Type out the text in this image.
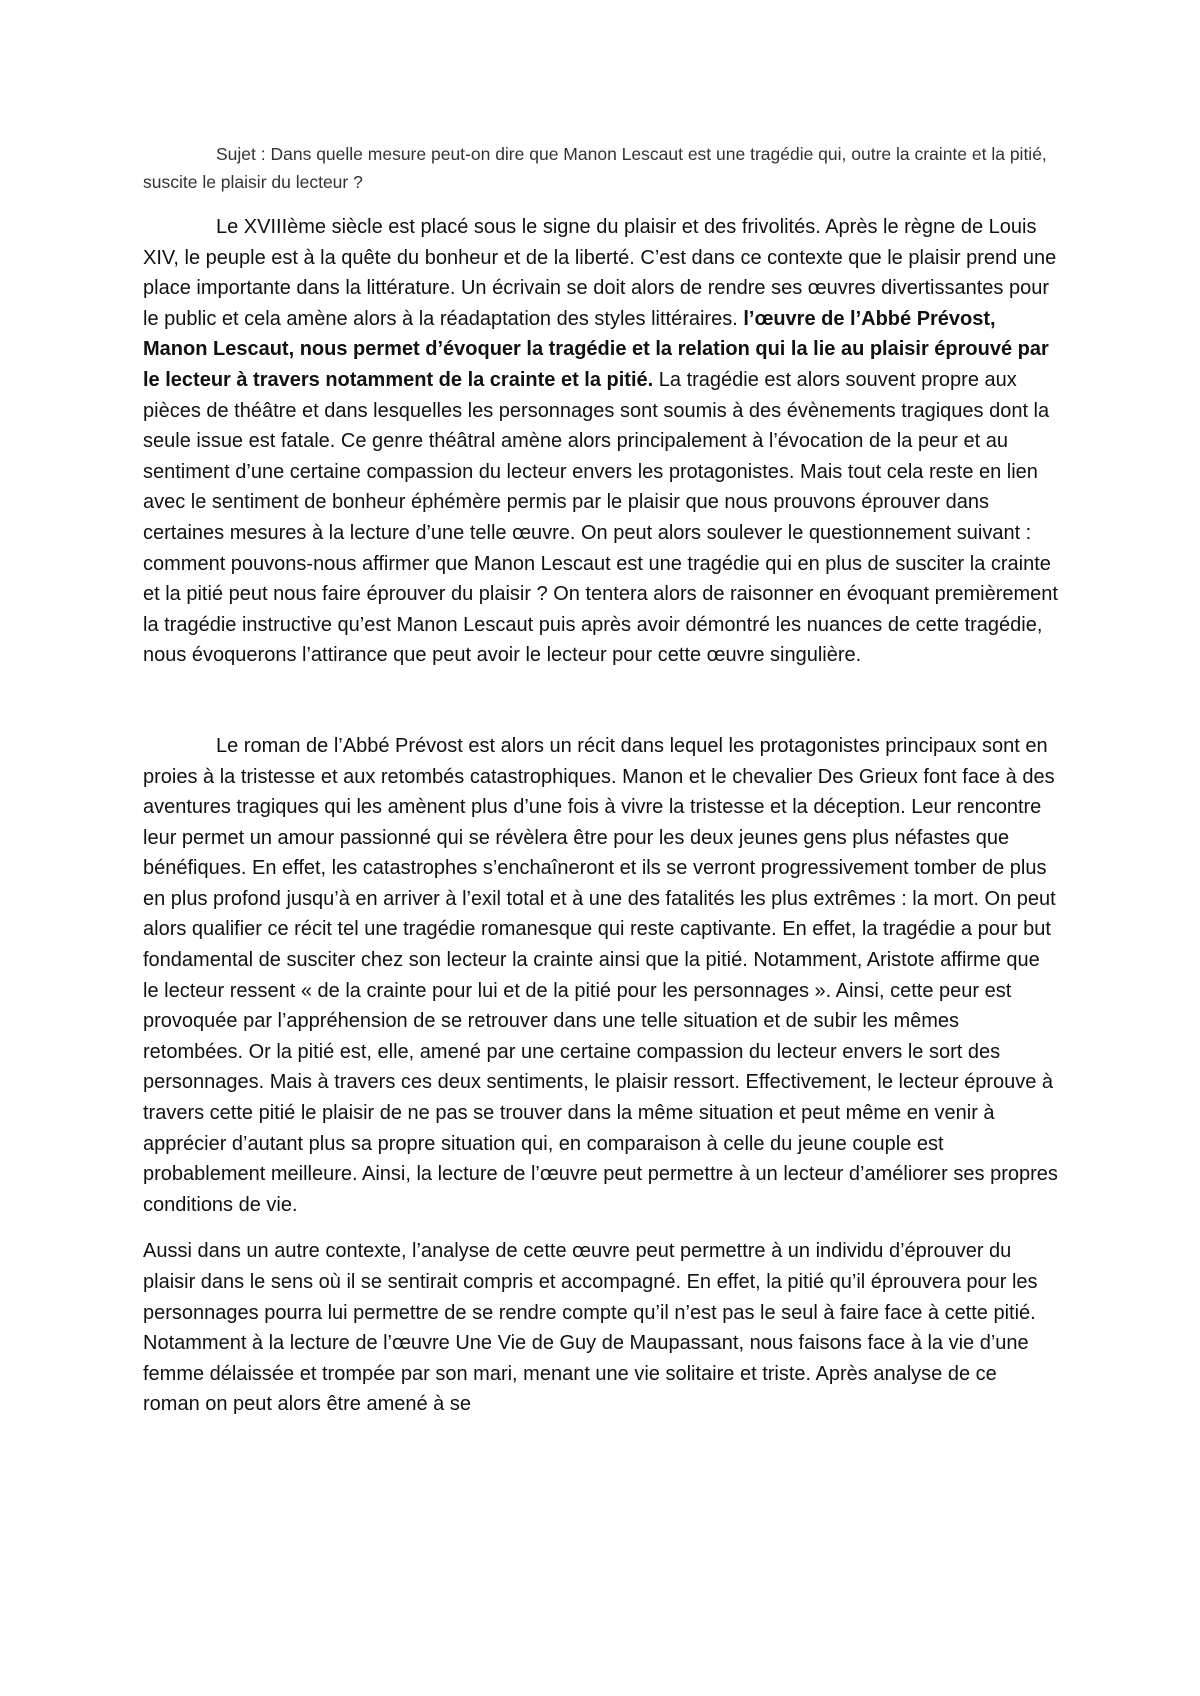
Sujet : Dans quelle mesure peut-on dire que Manon Lescaut est une tragédie qui, outre la crainte et la pitié, suscite le plaisir du lecteur ?

Le XVIIIème siècle est placé sous le signe du plaisir et des frivolités. Après le règne de Louis XIV, le peuple est à la quête du bonheur et de la liberté. C’est dans ce contexte que le plaisir prend une place importante dans la littérature. Un écrivain se doit alors de rendre ses œuvres divertissantes pour le public et cela amène alors à la réadaptation des styles littéraires. l’œuvre de l’Abbé Prévost, Manon Lescaut, nous permet d’évoquer la tragédie et la relation qui la lie au plaisir éprouvé par le lecteur à travers notamment de la crainte et la pitié. La tragédie est alors souvent propre aux pièces de théâtre et dans lesquelles les personnages sont soumis à des évènements tragiques dont la seule issue est fatale. Ce genre théâtral amène alors principalement à l’évocation de la peur et au sentiment d’une certaine compassion du lecteur envers les protagonistes. Mais tout cela reste en lien avec le sentiment de bonheur éphémère permis par le plaisir que nous prouvons éprouver dans certaines mesures à la lecture d’une telle œuvre. On peut alors soulever le questionnement suivant : comment pouvons-nous affirmer que Manon Lescaut est une tragédie qui en plus de susciter la crainte et la pitié peut nous faire éprouver du plaisir ? On tentera alors de raisonner en évoquant premièrement la tragédie instructive qu’est Manon Lescaut puis après avoir démontré les nuances de cette tragédie, nous évoquerons l’attirance que peut avoir le lecteur pour cette œuvre singulière.

Le roman de l’Abbé Prévost est alors un récit dans lequel les protagonistes principaux sont en proies à la tristesse et aux retombés catastrophiques. Manon et le chevalier Des Grieux font face à des aventures tragiques qui les amènent plus d’une fois à vivre la tristesse et la déception. Leur rencontre leur permet un amour passionné qui se révèlera être pour les deux jeunes gens plus néfastes que bénéfiques. En effet, les catastrophes s’enchaîneront et ils se verront progressivement tomber de plus en plus profond jusqu’à en arriver à l’exil total et à une des fatalités les plus extrêmes : la mort. On peut alors qualifier ce récit tel une tragédie romanesque qui reste captivante. En effet, la tragédie a pour but fondamental de susciter chez son lecteur la crainte ainsi que la pitié. Notamment, Aristote affirme que le lecteur ressent « de la crainte pour lui et de la pitié pour les personnages ». Ainsi, cette peur est provoquée par l’appréhension de se retrouver dans une telle situation et de subir les mêmes retombées. Or la pitié est, elle, amené par une certaine compassion du lecteur envers le sort des personnages. Mais à travers ces deux sentiments, le plaisir ressort. Effectivement, le lecteur éprouve à travers cette pitié le plaisir de ne pas se trouver dans la même situation et peut même en venir à apprécier d’autant plus sa propre situation qui, en comparaison à celle du jeune couple est probablement meilleure. Ainsi, la lecture de l’œuvre peut permettre à un lecteur d’améliorer ses propres conditions de vie.

Aussi dans un autre contexte, l’analyse de cette œuvre peut permettre à un individu d’éprouver du plaisir dans le sens où il se sentirait compris et accompagné. En effet, la pitié qu’il éprouvera pour les personnages pourra lui permettre de se rendre compte qu’il n’est pas le seul à faire face à cette pitié. Notamment à la lecture de l’œuvre Une Vie de Guy de Maupassant, nous faisons face à la vie d’une femme délaissée et trompée par son mari, menant une vie solitaire et triste. Après analyse de ce roman on peut alors être amené à se
